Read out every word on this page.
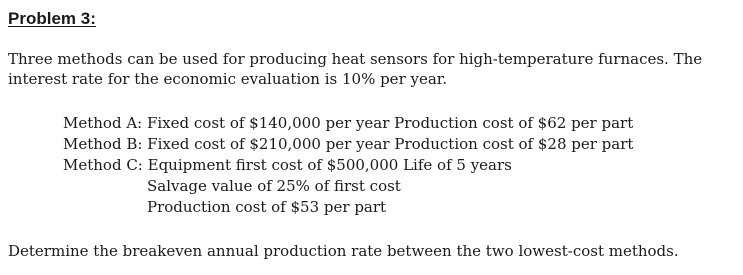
Problem 3:

Three methods can be used for producing heat sensors for high-temperature furnaces. The interest rate for the economic evaluation is 10% per year.

Method A: Fixed cost of $140,000 per year Production cost of $62 per part
Method B: Fixed cost of $210,000 per year Production cost of $28 per part
Method C: Equipment first cost of $500,000 Life of 5 years
Salvage value of 25% of first cost
Production cost of $53 per part

Determine the breakeven annual production rate between the two lowest-cost methods.
